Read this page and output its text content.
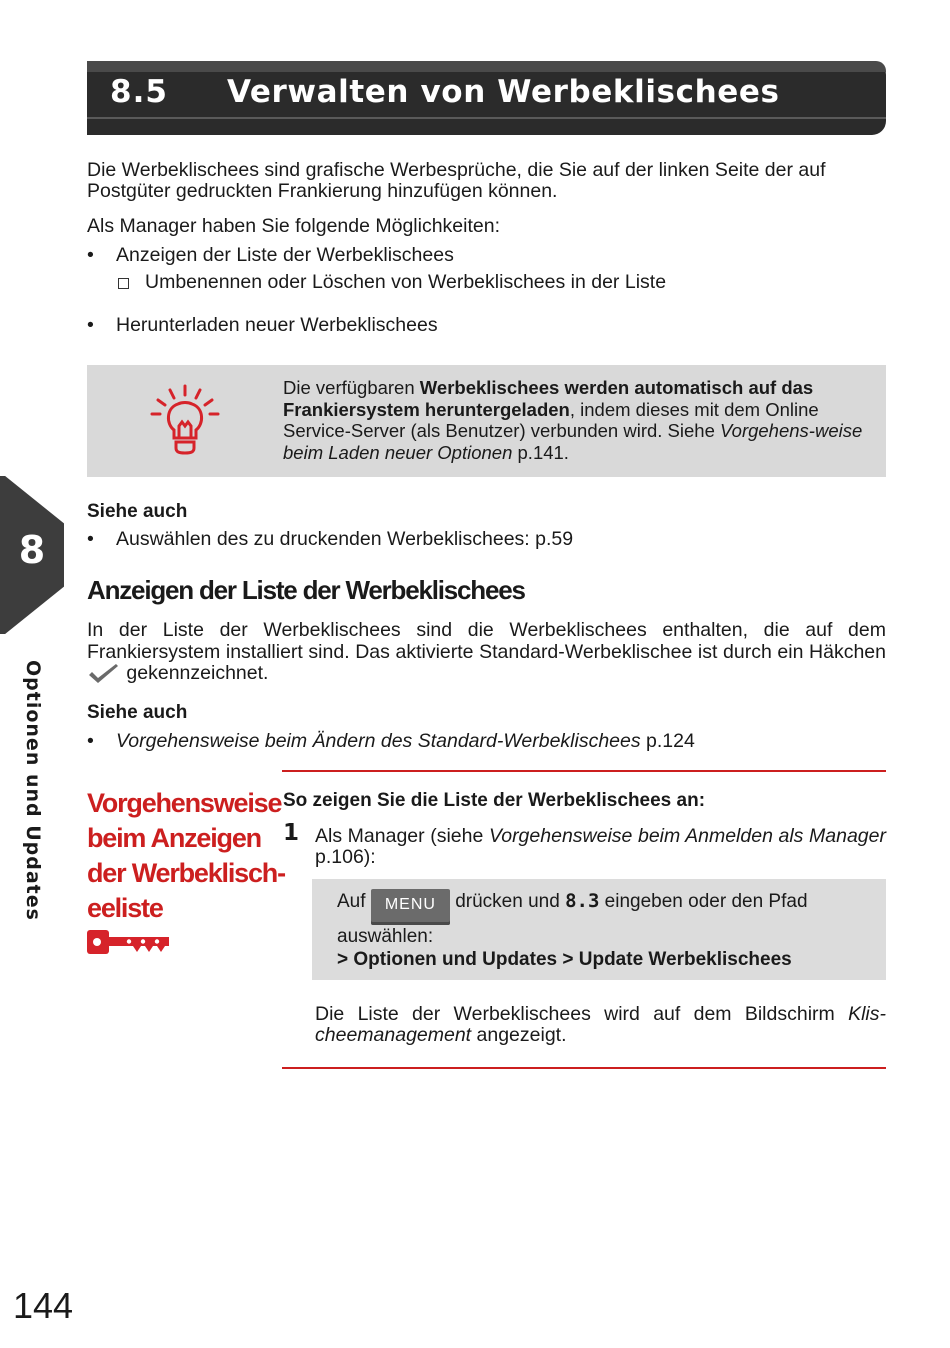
8.5 Verwalten von Werbeklischees
Die Werbeklischees sind grafische Werbesprüche, die Sie auf der linken Seite der auf Postgüter gedruckten Frankierung hinzufügen können.
Als Manager haben Sie folgende Möglichkeiten:
• Anzeigen der Liste der Werbeklischees
Umbenennen oder Löschen von Werbeklischees in der Liste
• Herunterladen neuer Werbeklischees
Die verfügbaren Werbeklischees werden automatisch auf das Frankiersystem heruntergeladen, indem dieses mit dem Online Service-Server (als Benutzer) verbunden wird. Siehe Vorgehens-weise beim Laden neuer Optionen p.141.
8
Optionen und Updates
Siehe auch
• Auswählen des zu druckenden Werbeklischees: p.59
Anzeigen der Liste der Werbeklischees
In der Liste der Werbeklischees sind die Werbeklischees enthalten, die auf dem Frankiersystem installiert sind. Das aktivierte Standard-Werbeklischee ist durch ein Häkchen  gekennzeichnet.
Siehe auch
• Vorgehensweise beim Ändern des Standard-Werbeklischees p.124
Vorgehensweise
beim Anzeigen
der Werbeklisch-
eeliste
So zeigen Sie die Liste der Werbeklischees an:
1 Als Manager (siehe Vorgehensweise beim Anmelden als Manager p.106):
Auf MENU drücken und 8.3 eingeben oder den Pfad auswählen:
> Optionen und Updates > Update Werbeklischees
Die Liste der Werbeklischees wird auf dem Bildschirm Klis-cheemanagement angezeigt.
144
